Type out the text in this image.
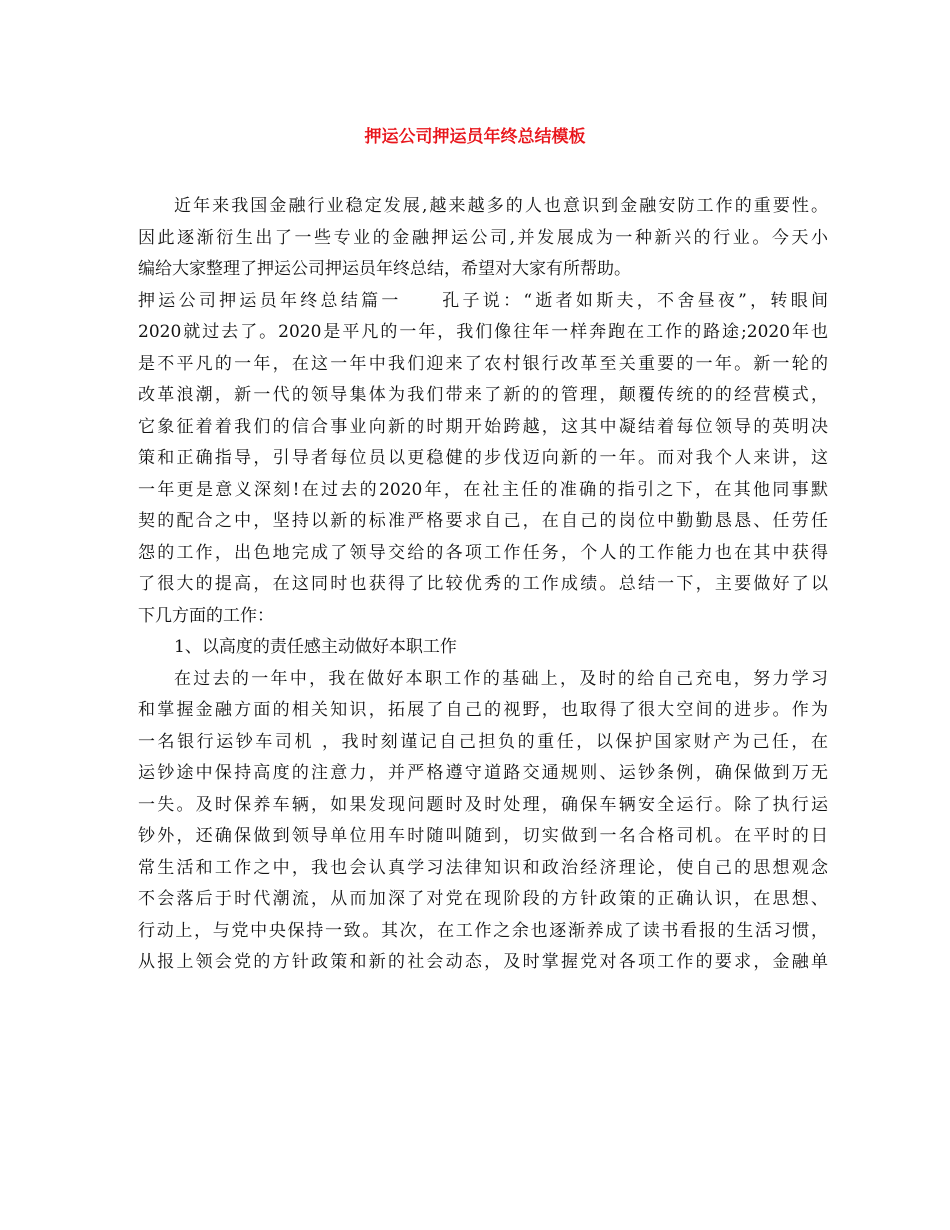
押运公司押运员年终总结模板
近年来我国金融行业稳定发展,越来越多的人也意识到金融安防工作的重要性。
因此逐渐衍生出了一些专业的金融押运公司,并发展成为一种新兴的行业。今天小
编给大家整理了押运公司押运员年终总结，希望对大家有所帮助。
押运公司押运员年终总结篇一　　孔子说：“逝者如斯夫，不舍昼夜”，转眼间
2020就过去了。2020是平凡的一年，我们像往年一样奔跑在工作的路途;2020年也
是不平凡的一年，在这一年中我们迎来了农村银行改革至关重要的一年。新一轮的
改革浪潮，新一代的领导集体为我们带来了新的的管理，颠覆传统的的经营模式，
它象征着着我们的信合事业向新的时期开始跨越，这其中凝结着每位领导的英明决
策和正确指导，引导者每位员以更稳健的步伐迈向新的一年。而对我个人来讲，这
一年更是意义深刻!在过去的2020年，在社主任的准确的指引之下，在其他同事默
契的配合之中，坚持以新的标准严格要求自己，在自己的岗位中勤勤恳恳、任劳任
怨的工作，出色地完成了领导交给的各项工作任务，个人的工作能力也在其中获得
了很大的提高，在这同时也获得了比较优秀的工作成绩。总结一下，主要做好了以
下几方面的工作：
1、以高度的责任感主动做好本职工作
在过去的一年中，我在做好本职工作的基础上，及时的给自己充电，努力学习
和掌握金融方面的相关知识，拓展了自己的视野，也取得了很大空间的进步。作为
一名银行运钞车司机 ，我时刻谨记自己担负的重任，以保护国家财产为己任，在
运钞途中保持高度的注意力，并严格遵守道路交通规则、运钞条例，确保做到万无
一失。及时保养车辆，如果发现问题时及时处理，确保车辆安全运行。除了执行运
钞外，还确保做到领导单位用车时随叫随到，切实做到一名合格司机。在平时的日
常生活和工作之中，我也会认真学习法律知识和政治经济理论，使自己的思想观念
不会落后于时代潮流，从而加深了对党在现阶段的方针政策的正确认识，在思想、
行动上，与党中央保持一致。其次，在工作之余也逐渐养成了读书看报的生活习惯，
从报上领会党的方针政策和新的社会动态，及时掌握党对各项工作的要求，金融单
